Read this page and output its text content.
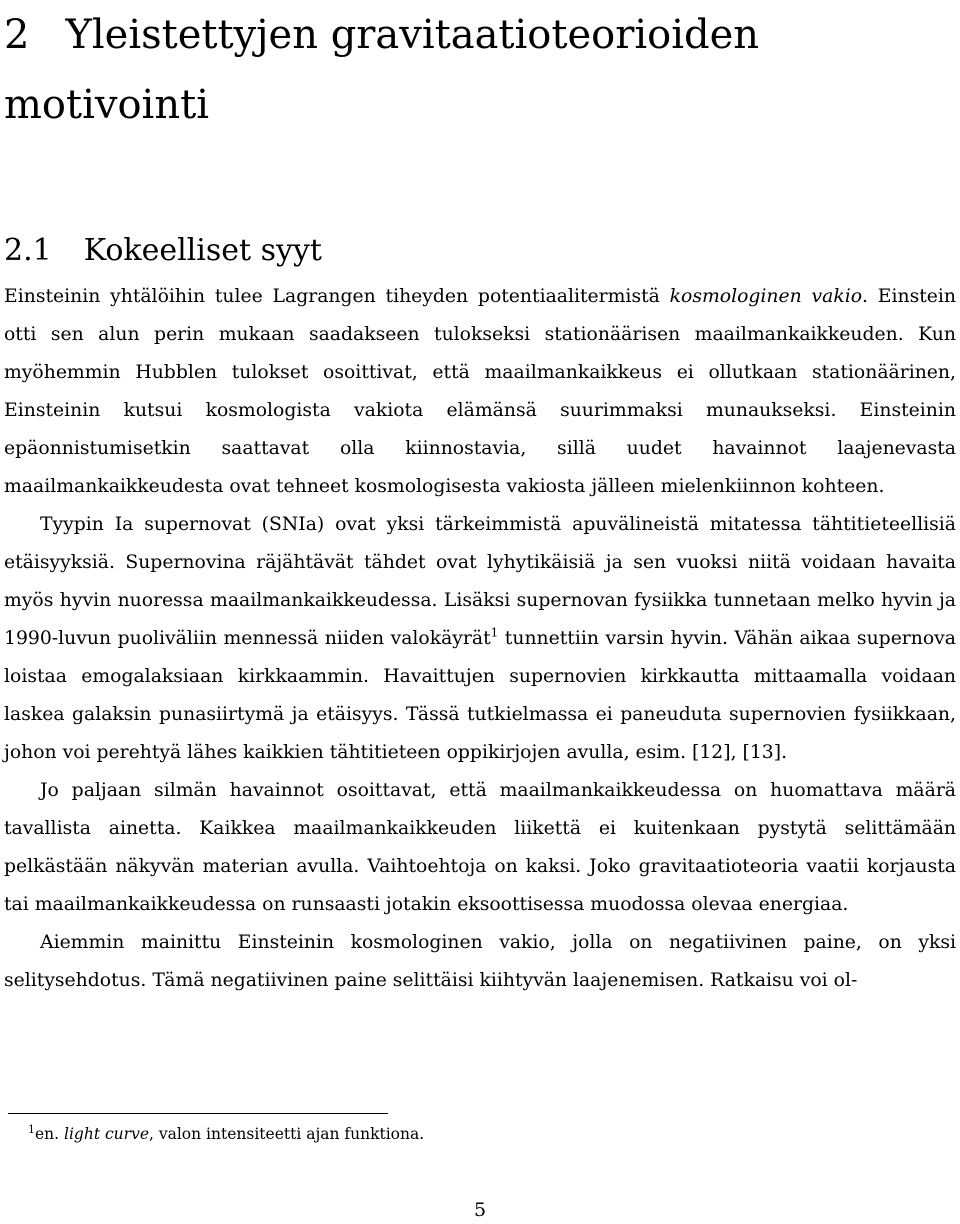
2 Yleistettyjen gravitaatioteorioiden motivointi
2.1 Kokeelliset syyt

Einsteinin yhtälöihin tulee Lagrangen tiheyden potentiaalitermistä kosmologinen vakio. Einstein otti sen alun perin mukaan saadakseen tulokseksi stationäärisen maailmankaikkeuden. Kun myöhemmin Hubblen tulokset osoittivat, että maailmankaikkeus ei ollutkaan stationäärinen, Einsteinin kutsui kosmologista vakiota elämänsä suurimmaksi munaukseksi. Einsteinin epäonnistumisetkin saattavat olla kiinnostavia, sillä uudet havainnot laajenevasta maailmankaikkeudesta ovat tehneet kosmologisesta vakiosta jälleen mielenkiinnon kohteen.

Tyypin Ia supernovat (SNIa) ovat yksi tärkeimmistä apuvälineistä mitatessa tähtitieteellisiä etäisyyksiä. Supernovina räjähtävät tähdet ovat lyhytikäisiä ja sen vuoksi niitä voidaan havaita myös hyvin nuoressa maailmankaikkeudessa. Lisäksi supernovan fysiikka tunnetaan melko hyvin ja 1990-luvun puoliväliin mennessä niiden valokäyrät$^1$ tunnettiin varsin hyvin. Vähän aikaa supernova loistaa emogalaksiaan kirkkaammin. Havaittujen supernovien kirkkautta mittaamalla voidaan laskea galaksin punasiirtymä ja etäisyys. Tässä tutkielmassa ei paneuduta supernovien fysiikkaan, johon voi perehtyä lähes kaikkien tähtitieteen oppikirjojen avulla, esim. [12], [13].

Jo paljaan silmän havainnot osoittavat, että maailmankaikkeudessa on huomattava määrä tavallista ainetta. Kaikkea maailmankaikkeuden liikettä ei kuitenkaan pystytä selittämään pelkästään näkyvän materian avulla. Vaihtoehtoja on kaksi. Joko gravitaatioteoria vaatii korjausta tai maailmankaikkeudessa on runsaasti jotakin eksoottisessa muodossa olevaa energiaa.

Aiemmin mainittu Einsteinin kosmologinen vakio, jolla on negatiivinen paine, on yksi selitysehdotus. Tämä negatiivinen paine selittäisi kiihtyvän laajenemisen. Ratkaisu voi ol-

$^1$en. light curve, valon intensiteetti ajan funktiona.
5
